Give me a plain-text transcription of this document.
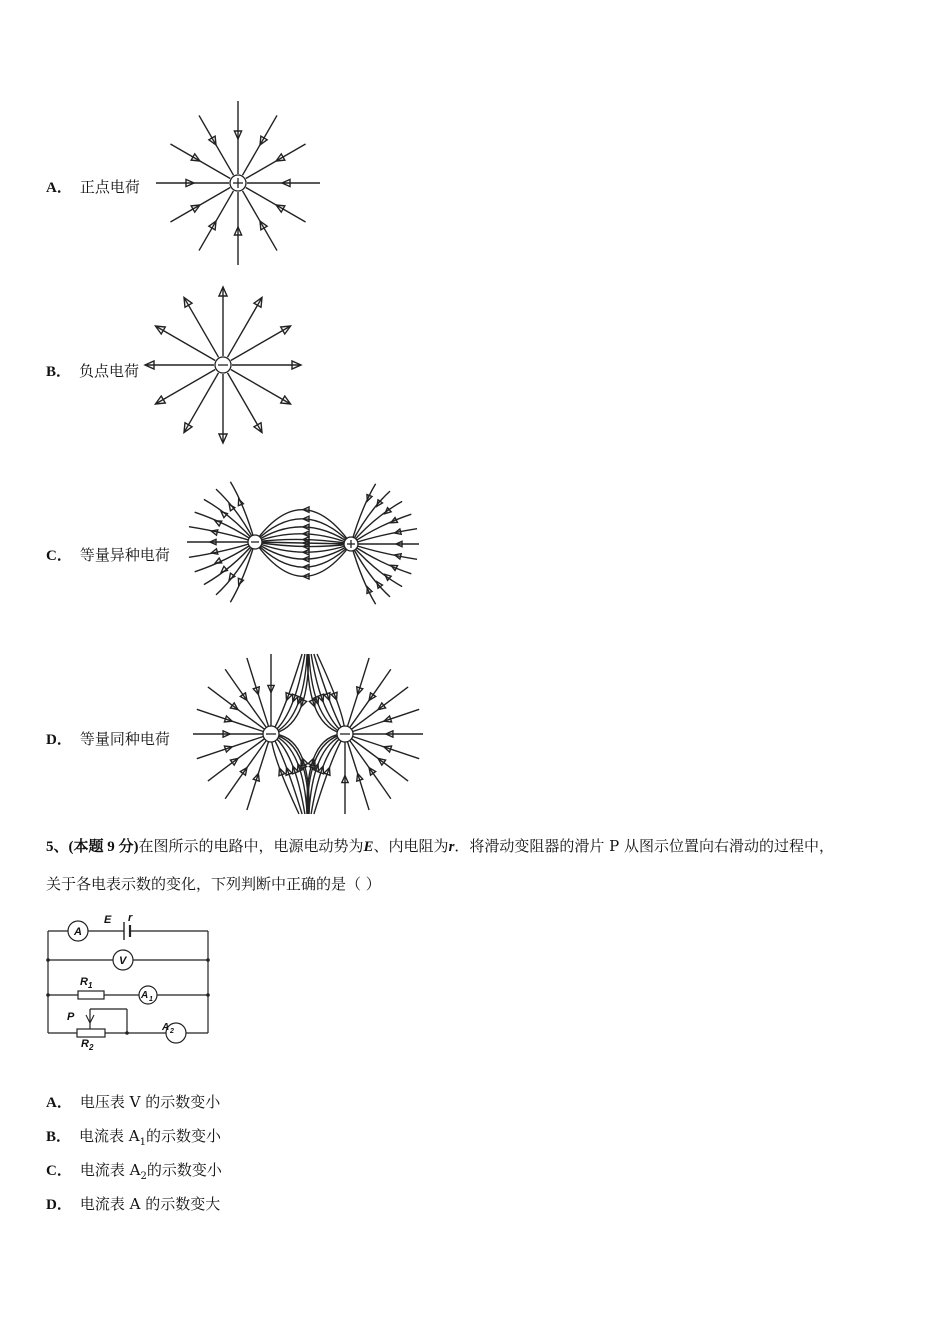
A． 正点电荷
B． 负点电荷
C． 等量异种电荷
D． 等量同种电荷
5、(本题 9 分)在图所示的电路中，电源电动势为E、内电阻为r．将滑动变阻器的滑片 P 从图示位置向右滑动的过程中，
关于各电表示数的变化，下列判断中正确的是（ ）
A
E r
V
R 1
A 1
P
R 2
A 2
A． 电压表 V 的示数变小
B． 电流表 $A_1$的示数变小
C． 电流表 $A_2$的示数变小
D． 电流表 A 的示数变大
